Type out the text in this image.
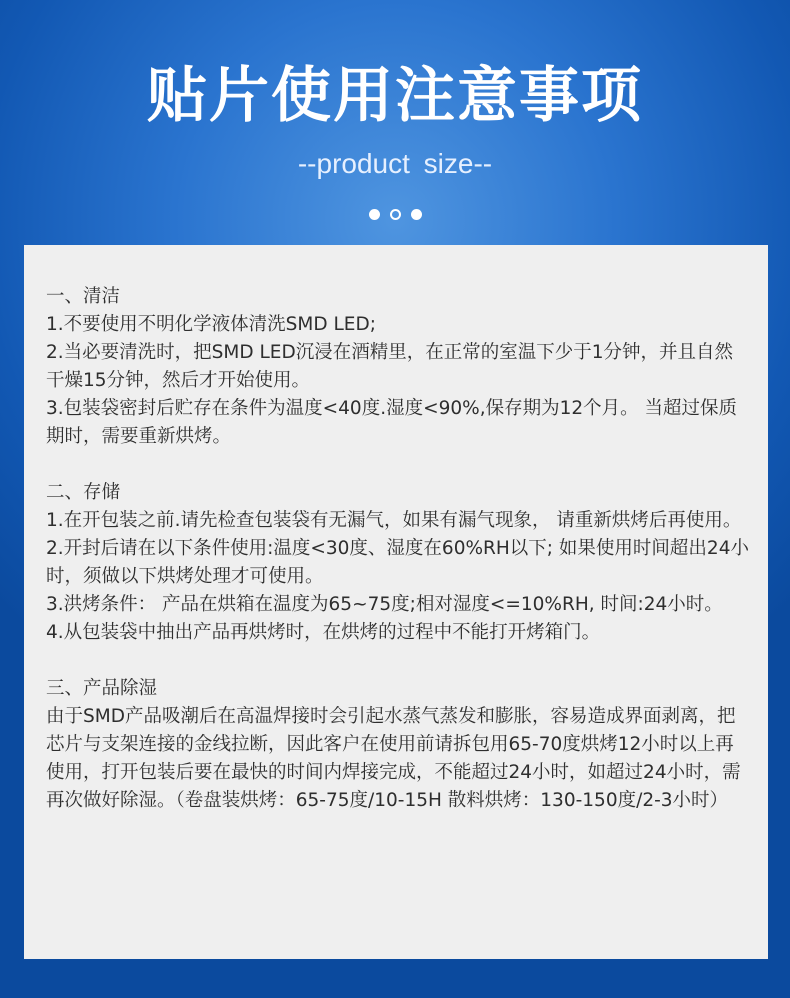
贴片使用注意事项
--product size--
一、清洁
1.不要使用不明化学液体清洗SMD LED;
2.当必要清洗时，把SMD LED沉浸在酒精里，在正常的室温下少于1分钟，并且自然干燥15分钟，然后才开始使用。
3.包装袋密封后贮存在条件为温度<40度.湿度<90%,保存期为12个月。 当超过保质期时，需要重新烘烤。
二、存储
1.在开包装之前.请先检查包装袋有无漏气，如果有漏气现象， 请重新烘烤后再使用。
2.开封后请在以下条件使用:温度<30度、湿度在60%RH以下; 如果使用时间超出24小时，须做以下烘烤处理才可使用。
3.洪烤条件： 产品在烘箱在温度为65~75度;相对湿度<=10%RH, 时间:24小时。
4.从包装袋中抽出产品再烘烤时，在烘烤的过程中不能打开烤箱门。
三、产品除湿
由于SMD产品吸潮后在高温焊接时会引起水蒸气蒸发和膨胀，容易造成界面剥离，把芯片与支架连接的金线拉断，因此客户在使用前请拆包用65-70度烘烤12小时以上再使用，打开包装后要在最快的时间内焊接完成，不能超过24小时，如超过24小时，需再次做好除湿。（卷盘装烘烤：65-75度/10-15H 散料烘烤：130-150度/2-3小时）
